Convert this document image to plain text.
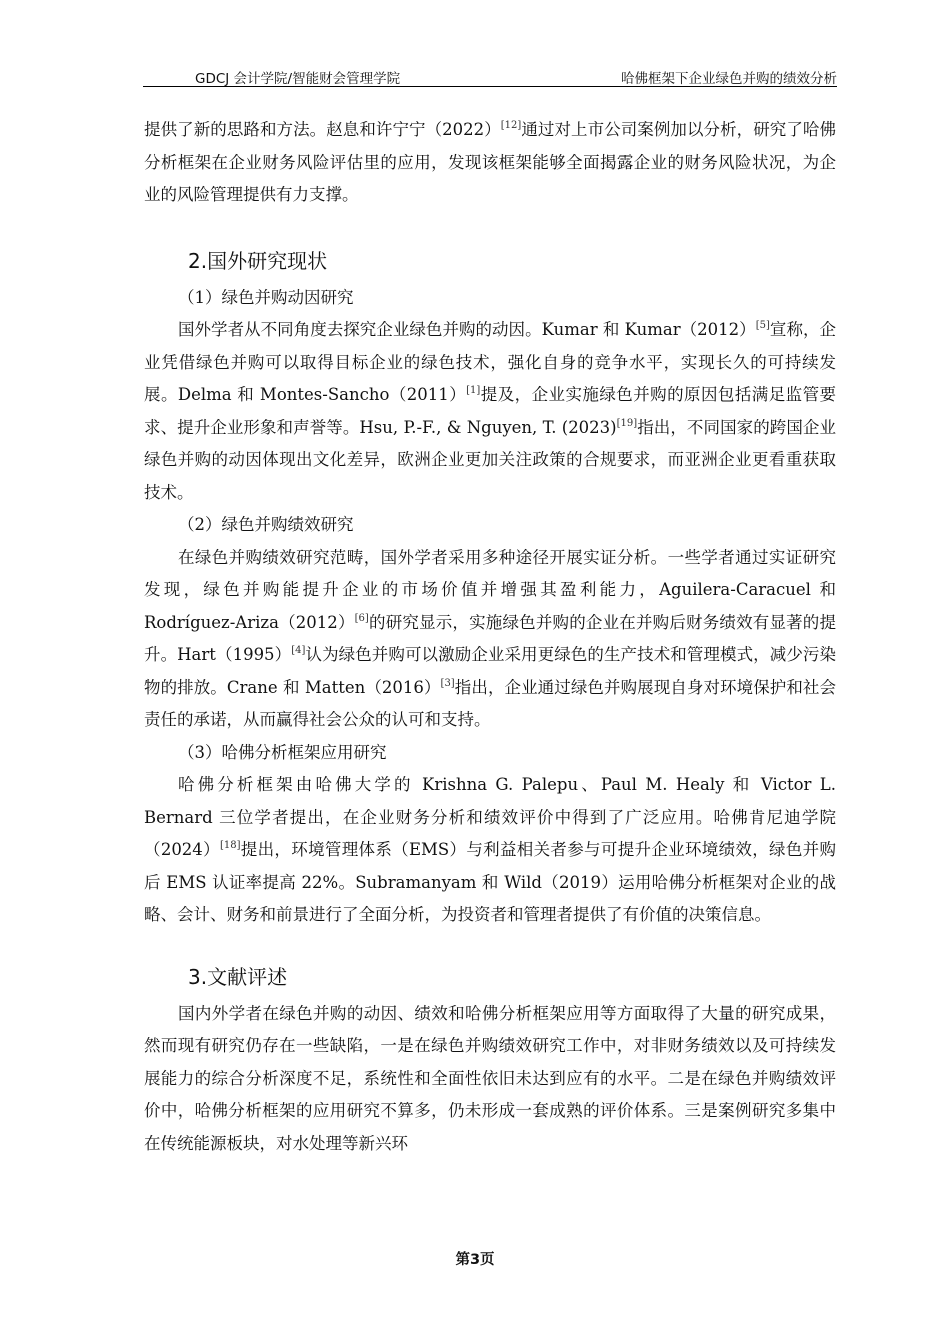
GDCJ 会计学院/智能财会管理学院	哈佛框架下企业绿色并购的绩效分析

提供了新的思路和方法。赵息和许宁宁（2022）[12]通过对上市公司案例加以分析，研究了哈佛分析框架在企业财务风险评估里的应用，发现该框架能够全面揭露企业的财务风险状况，为企业的风险管理提供有力支撑。

2.国外研究现状
（1）绿色并购动因研究

国外学者从不同角度去探究企业绿色并购的动因。Kumar 和 Kumar（2012）[5]宣称，企业凭借绿色并购可以取得目标企业的绿色技术，强化自身的竞争水平，实现长久的可持续发展。Delma 和 Montes-Sancho（2011）[1]提及，企业实施绿色并购的原因包括满足监管要求、提升企业形象和声誉等。Hsu, P.-F., & Nguyen, T. (2023)[19]指出，不同国家的跨国企业绿色并购的动因体现出文化差异，欧洲企业更加关注政策的合规要求，而亚洲企业更看重获取技术。

（2）绿色并购绩效研究

在绿色并购绩效研究范畴，国外学者采用多种途径开展实证分析。一些学者通过实证研究发现，绿色并购能提升企业的市场价值并增强其盈利能力，Aguilera-Caracuel 和 Rodríguez-Ariza（2012）[6]的研究显示，实施绿色并购的企业在并购后财务绩效有显著的提升。Hart（1995）[4]认为绿色并购可以激励企业采用更绿色的生产技术和管理模式，减少污染物的排放。Crane 和 Matten（2016）[3]指出，企业通过绿色并购展现自身对环境保护和社会责任的承诺，从而赢得社会公众的认可和支持。

（3）哈佛分析框架应用研究

哈佛分析框架由哈佛大学的 Krishna G. Palepu、Paul M. Healy 和 Victor L. Bernard 三位学者提出，在企业财务分析和绩效评价中得到了广泛应用。哈佛肯尼迪学院（2024）[18]提出，环境管理体系（EMS）与利益相关者参与可提升企业环境绩效，绿色并购后 EMS 认证率提高 22%。Subramanyam 和 Wild（2019）运用哈佛分析框架对企业的战略、会计、财务和前景进行了全面分析，为投资者和管理者提供了有价值的决策信息。

3.文献评述

国内外学者在绿色并购的动因、绩效和哈佛分析框架应用等方面取得了大量的研究成果，然而现有研究仍存在一些缺陷，一是在绿色并购绩效研究工作中，对非财务绩效以及可持续发展能力的综合分析深度不足，系统性和全面性依旧未达到应有的水平。二是在绿色并购绩效评价中，哈佛分析框架的应用研究不算多，仍未形成一套成熟的评价体系。三是案例研究多集中在传统能源板块，对水处理等新兴环

第3页
